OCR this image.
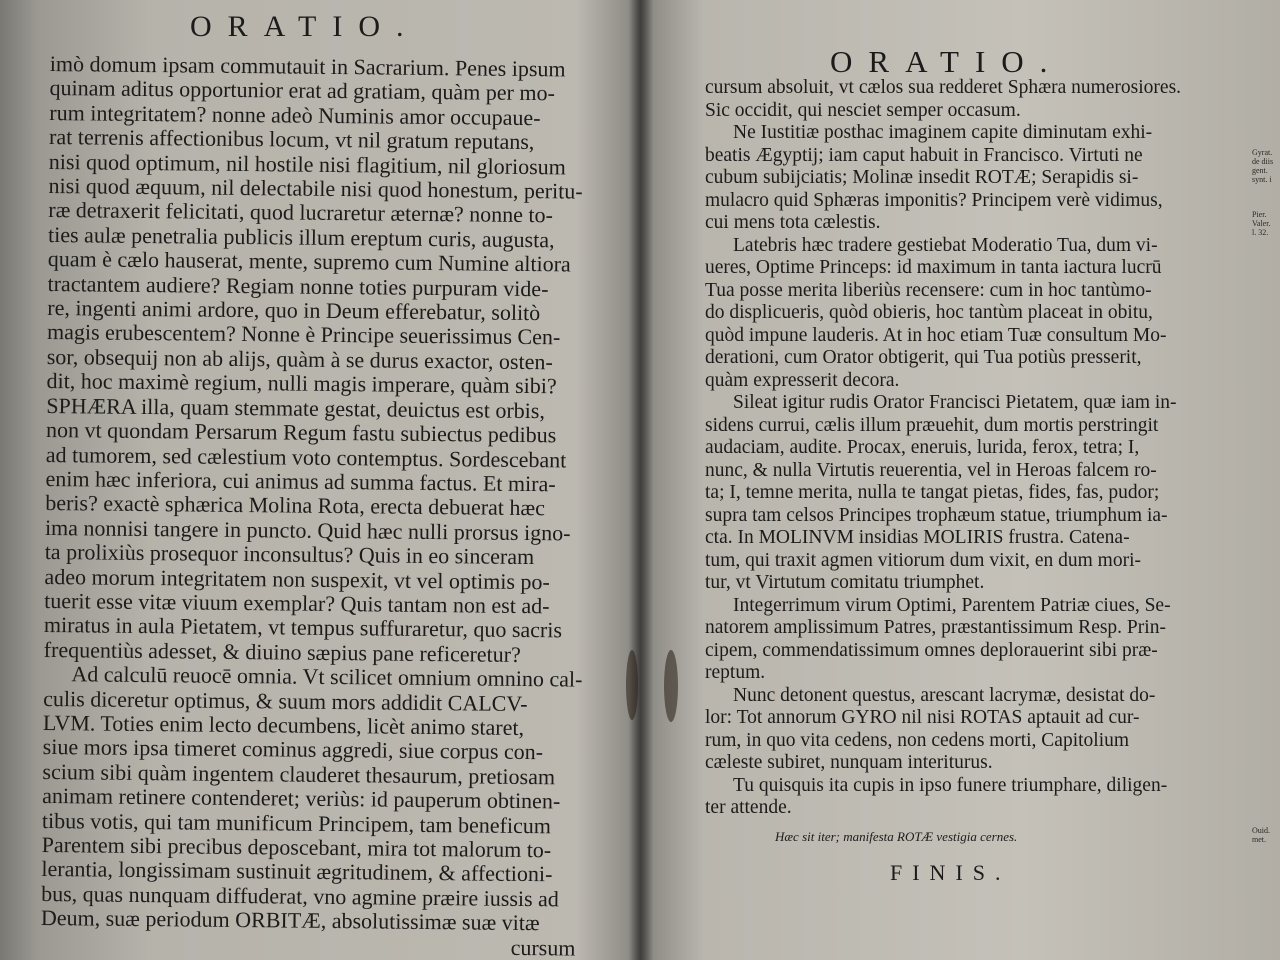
ORATIO.
imò domum ipsam commutauit in Sacrarium. Penes ipsum
quinam aditus opportunior erat ad gratiam, quàm per mo-
rum integritatem? nonne adeò Numinis amor occupaue-
rat terrenis affectionibus locum, vt nil gratum reputans,
nisi quod optimum, nil hostile nisi flagitium, nil gloriosum
nisi quod æquum, nil delectabile nisi quod honestum, peritu-
ræ detraxerit felicitati, quod lucraretur æternæ? nonne to-
ties aulæ penetralia publicis illum ereptum curis, augusta,
quam è cælo hauserat, mente, supremo cum Numine altiora
tractantem audiere? Regiam nonne toties purpuram vide-
re, ingenti animi ardore, quo in Deum efferebatur, solitò
magis erubescentem? Nonne è Principe seuerissimus Cen-
sor, obsequij non ab alijs, quàm à se durus exactor, osten-
dit, hoc maximè regium, nulli magis imperare, quàm sibi?
SPHÆRA illa, quam stemmate gestat, deuictus est orbis,
non vt quondam Persarum Regum fastu subiectus pedibus
ad tumorem, sed cælestium voto contemptus. Sordescebant
enim hæc inferiora, cui animus ad summa factus. Et mira-
beris? exactè sphærica Molina Rota, erecta debuerat hæc
ima nonnisi tangere in puncto. Quid hæc nulli prorsus igno-
ta prolixiùs prosequor inconsultus? Quis in eo sinceram
adeo morum integritatem non suspexit, vt vel optimis po-
tuerit esse vitæ viuum exemplar? Quis tantam non est ad-
miratus in aula Pietatem, vt tempus suffuraretur, quo sacris
frequentiùs adesset, & diuino sæpius pane reficeretur?
Ad calculū reuocē omnia. Vt scilicet omnium omnino cal-
culis diceretur optimus, & suum mors addidit CALCV-
LVM. Toties enim lecto decumbens, licèt animo staret,
siue mors ipsa timeret cominus aggredi, siue corpus con-
scium sibi quàm ingentem clauderet thesaurum, pretiosam
animam retinere contenderet; veriùs: id pauperum obtinen-
tibus votis, qui tam munificum Principem, tam beneficum
Parentem sibi precibus deposcebant, mira tot malorum to-
lerantia, longissimam sustinuit ægritudinem, & affectioni-
bus, quas nunquam diffuderat, vno agmine præire iussis ad
Deum, suæ periodum ORBITÆ, absolutissimæ suæ vitæ
cursum
ORATIO.
cursum absoluit, vt cælos sua redderet Sphæra numerosiores.
Sic occidit, qui nesciet semper occasum.
Ne Iustitiæ posthac imaginem capite diminutam exhi-
beatis Ægyptij; iam caput habuit in Francisco. Virtuti ne
cubum subijciatis; Molinæ insedit ROTÆ; Serapidis si-
mulacro quid Sphæras imponitis? Principem verè vidimus,
cui mens tota cælestis.
Latebris hæc tradere gestiebat Moderatio Tua, dum vi-
ueres, Optime Princeps: id maximum in tanta iactura lucrū
Tua posse merita liberiùs recensere: cum in hoc tantùmo-
do displicueris, quòd obieris, hoc tantùm placeat in obitu,
quòd impune lauderis. At in hoc etiam Tuæ consultum Mo-
derationi, cum Orator obtigerit, qui Tua potiùs presserit,
quàm expresserit decora.
Sileat igitur rudis Orator Francisci Pietatem, quæ iam in-
sidens currui, cælis illum præuehit, dum mortis perstringit
audaciam, audite. Procax, eneruis, lurida, ferox, tetra; I,
nunc, & nulla Virtutis reuerentia, vel in Heroas falcem ro-
ta; I, temne merita, nulla te tangat pietas, fides, fas, pudor;
supra tam celsos Principes trophæum statue, triumphum ia-
cta. In MOLINVM insidias MOLIRIS frustra. Catena-
tum, qui traxit agmen vitiorum dum vixit, en dum mori-
tur, vt Virtutum comitatu triumphet.
Integerrimum virum Optimi, Parentem Patriæ ciues, Se-
natorem amplissimum Patres, præstantissimum Resp. Prin-
cipem, commendatissimum omnes deplorauerint sibi præ-
reptum.
Nunc detonent questus, arescant lacrymæ, desistat do-
lor: Tot annorum GYRO nil nisi ROTAS aptauit ad cur-
rum, in quo vita cedens, non cedens morti, Capitolium
cæleste subiret, nunquam interiturus.
Tu quisquis ita cupis in ipso funere triumphare, diligen-
ter attende.
Hæc sit iter; manifesta ROTÆ vestigia cernes.
FINIS.
Gyrat. de diis gent. synt. i
Pier. Valer. l. 32.
Ouid. met.
